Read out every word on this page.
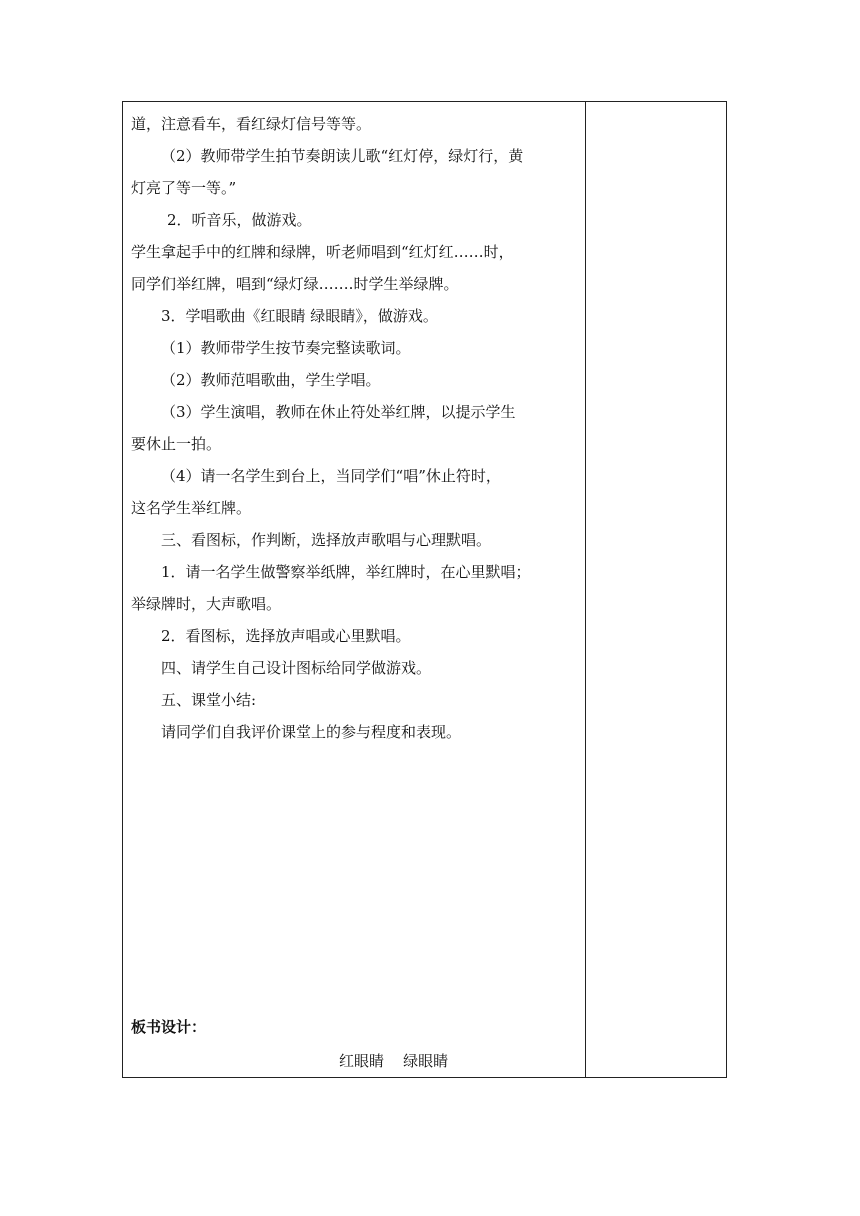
道，注意看车，看红绿灯信号等等。
（2）教师带学生拍节奏朗读儿歌“红灯停，绿灯行，黄
灯亮了等一等。”
2．听音乐，做游戏。
学生拿起手中的红牌和绿牌，听老师唱到“红灯红……时，
同学们举红牌，唱到“绿灯绿…….时学生举绿牌。
3．学唱歌曲《红眼睛 绿眼睛》，做游戏。
（1）教师带学生按节奏完整读歌词。
（2）教师范唱歌曲，学生学唱。
（3）学生演唱，教师在休止符处举红牌，以提示学生
要休止一拍。
（4）请一名学生到台上，当同学们“唱”休止符时，
这名学生举红牌。
三、看图标，作判断，选择放声歌唱与心理默唱。
1．请一名学生做警察举纸牌，举红牌时，在心里默唱；
举绿牌时，大声歌唱。
2．看图标，选择放声唱或心里默唱。
四、请学生自己设计图标给同学做游戏。
五、课堂小结:
请同学们自我评价课堂上的参与程度和表现。
板书设计：
红眼睛    绿眼睛
